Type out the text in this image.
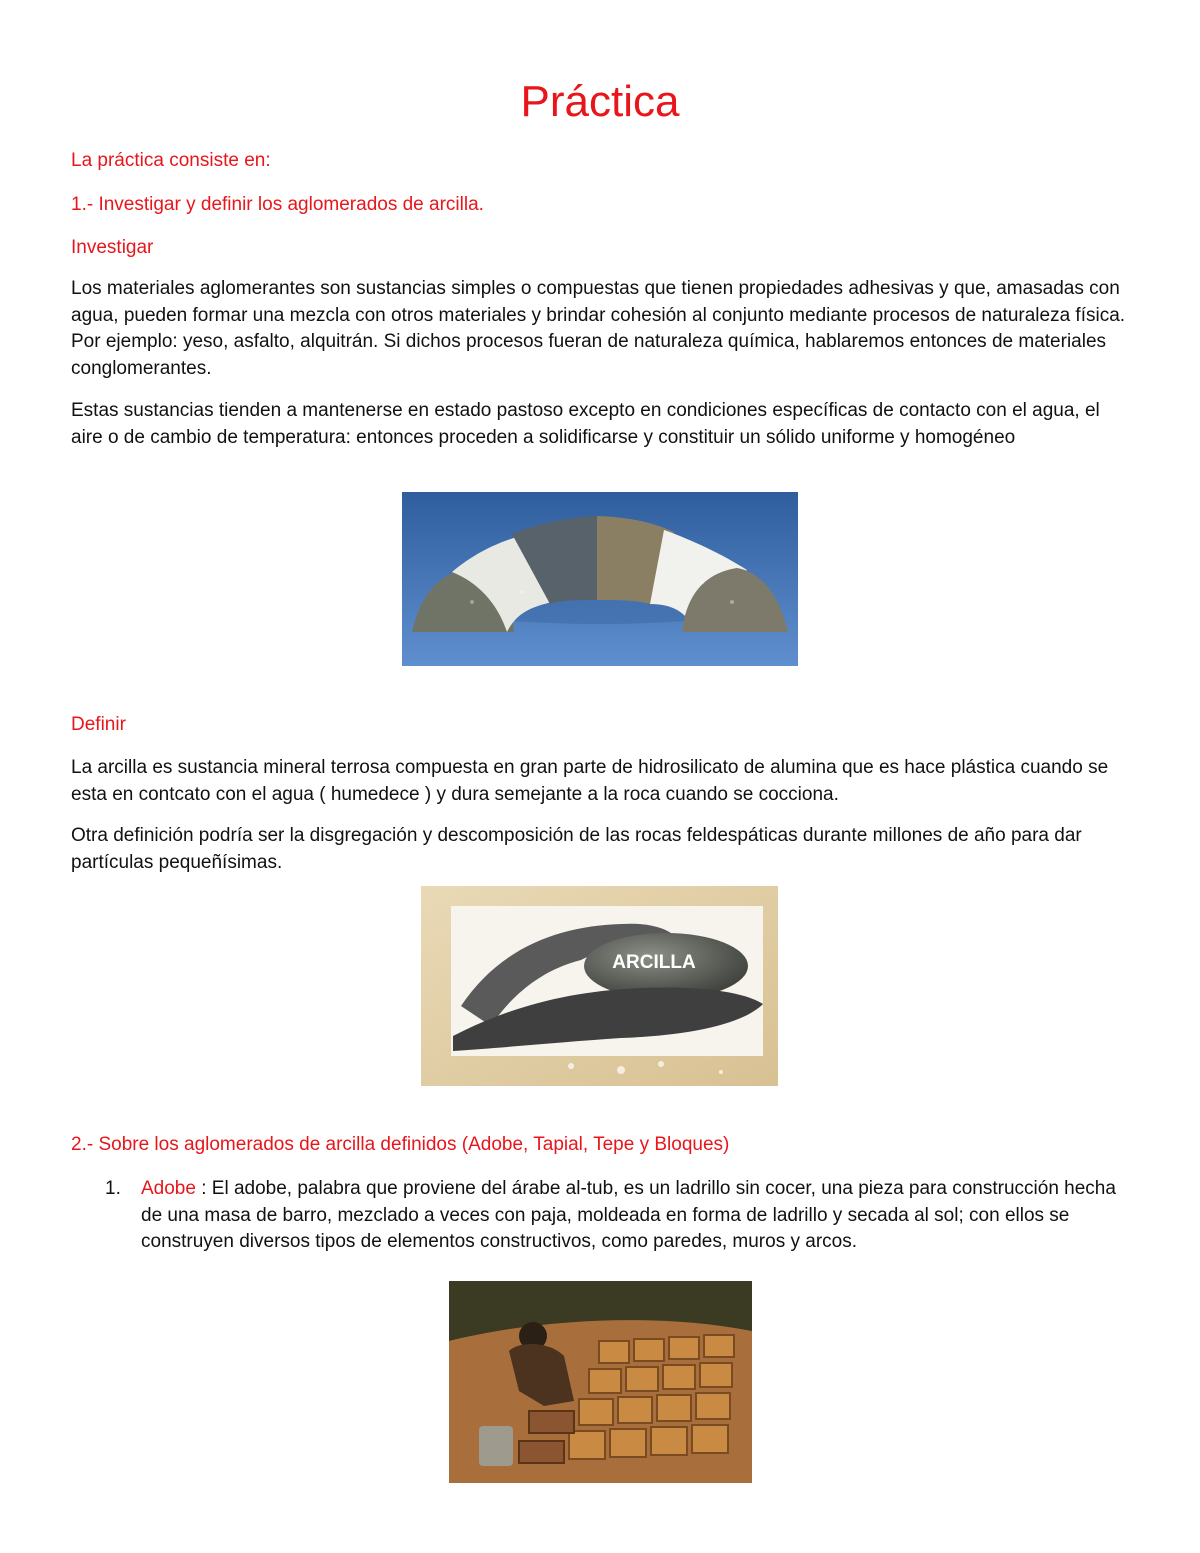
Práctica
La práctica consiste en:
1.- Investigar y definir los aglomerados de arcilla.
Investigar

Los materiales aglomerantes son sustancias simples o compuestas que tienen propiedades adhesivas y que, amasadas con agua, pueden formar una mezcla con otros materiales y brindar cohesión al conjunto mediante procesos de naturaleza física. Por ejemplo: yeso, asfalto, alquitrán. Si dichos procesos fueran de naturaleza química, hablaremos entonces de materiales conglomerantes.

Estas sustancias tienden a mantenerse en estado pastoso excepto en condiciones específicas de contacto con el agua, el aire o de cambio de temperatura: entonces proceden a solidificarse y constituir un sólido uniforme y homogéneo

Definir

La arcilla es sustancia mineral terrosa compuesta en gran parte de hidrosilicato de alumina que es hace plástica cuando se esta en contcato con el agua ( humedece ) y dura semejante a la roca cuando se cocciona.

Otra definición podría ser la disgregación y descomposición de las rocas feldespáticas durante millones de año para dar partículas pequeñísimas.

ARCILLA
2.- Sobre los aglomerados de arcilla definidos (Adobe, Tapial, Tepe y Bloques)
1. Adobe : El adobe, palabra que proviene del árabe al-tub, es un ladrillo sin cocer, una pieza para construcción hecha de una masa de barro, mezclado a veces con paja, moldeada en forma de ladrillo y secada al sol; con ellos se construyen diversos tipos de elementos constructivos, como paredes, muros y arcos.
